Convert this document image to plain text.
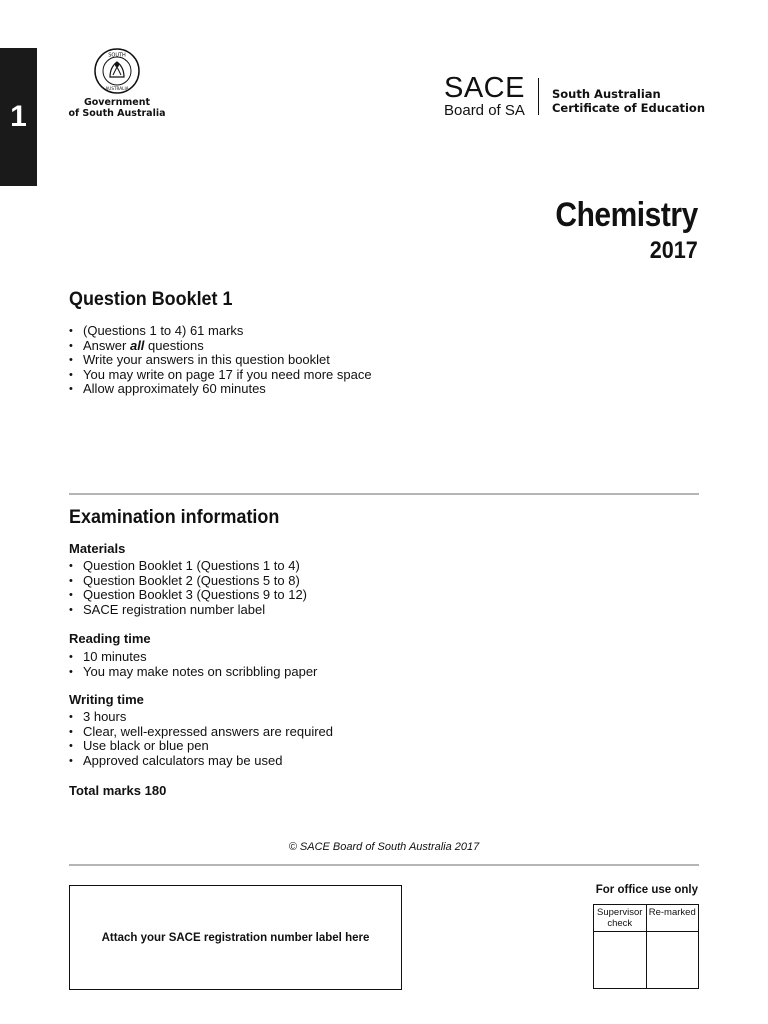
1
SOUTH
AUSTRALIA
Government
of South Australia
SACE
Board of SA
South Australian
Certificate of Education
Chemistry
2017
Question Booklet 1
• (Questions 1 to 4) 61 marks
• Answer all questions
• Write your answers in this question booklet
• You may write on page 17 if you need more space
• Allow approximately 60 minutes
Examination information
Materials
• Question Booklet 1 (Questions 1 to 4)
• Question Booklet 2 (Questions 5 to 8)
• Question Booklet 3 (Questions 9 to 12)
• SACE registration number label
Reading time
• 10 minutes
• You may make notes on scribbling paper
Writing time
• 3 hours
• Clear, well-expressed answers are required
• Use black or blue pen
• Approved calculators may be used
Total marks 180
© SACE Board of South Australia 2017
Attach your SACE registration number label here
For office use only
Supervisor check
Re-marked
